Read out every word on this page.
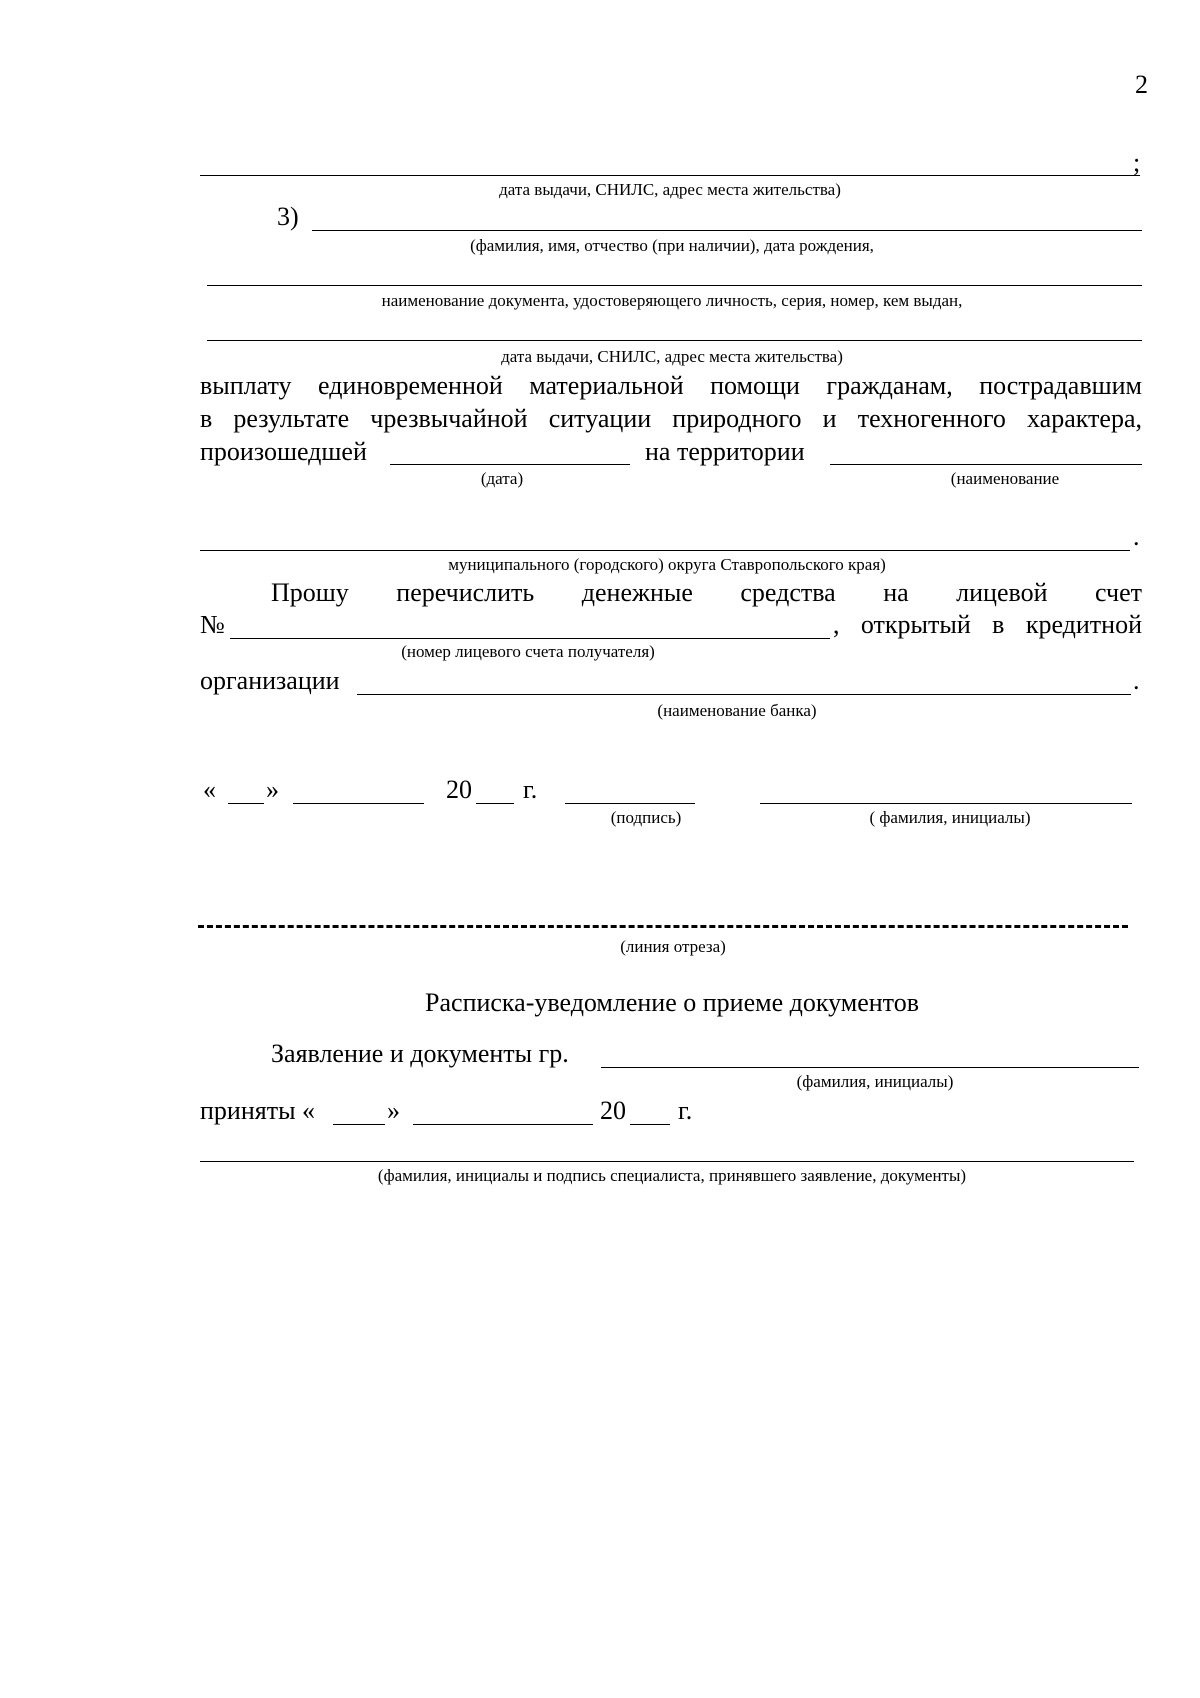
2
;
дата выдачи, СНИЛС, адрес места жительства)
3)
(фамилия, имя, отчество (при наличии), дата рождения,
наименование документа, удостоверяющего личность, серия, номер, кем выдан,
дата выдачи, СНИЛС, адрес места жительства)
выплату единовременной материальной помощи гражданам, пострадавшим
в результате чрезвычайной ситуации природного и техногенного характера,
произошедшей	на территории
(дата)	(наименование
.
муниципального (городского) округа Ставропольского края)
Прошу перечислить денежные средства на лицевой счет
№	, открытый в кредитной
(номер лицевого счета получателя)
организации	.
(наименование банка)
« »	20 г.
(подпись)	( фамилия, инициалы)
(линия отреза)
Расписка-уведомление о приеме документов
Заявление и документы гр.
(фамилия, инициалы)
приняты «	»	20 г.
(фамилия, инициалы и подпись специалиста, принявшего заявление, документы)
